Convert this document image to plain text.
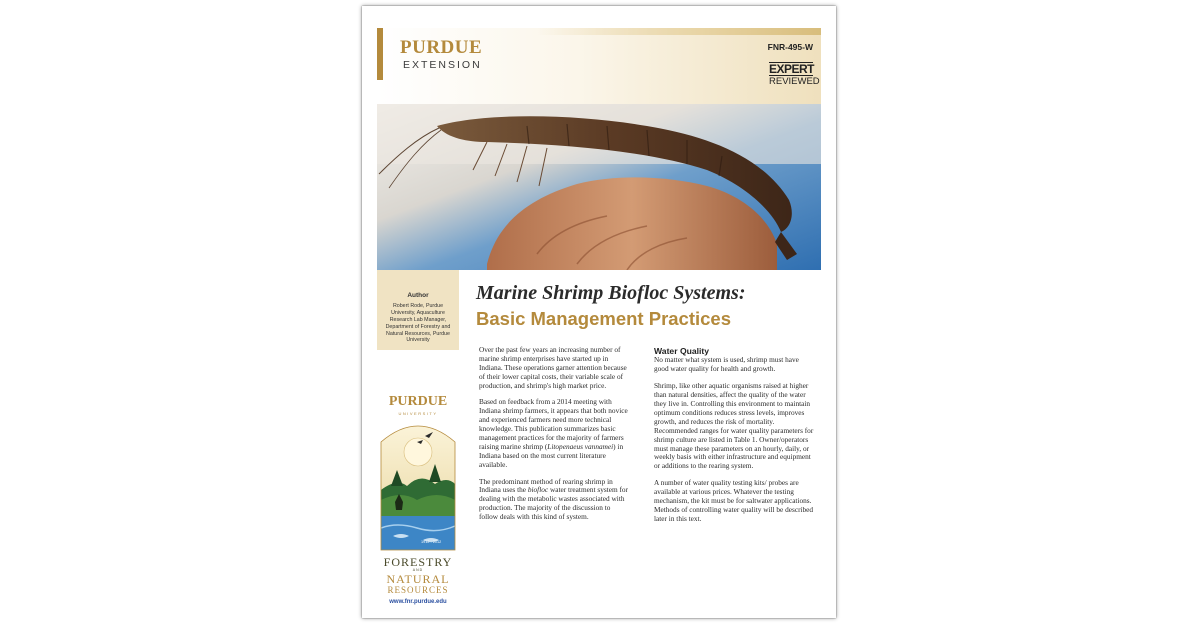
PURDUE
EXTENSION
FNR-495-W
EXPERT
REVIEWED
Author
Robert Rode, Purdue University, Aquaculture Research Lab Manager, Department of Forestry and Natural Resources, Purdue University
Marine Shrimp Biofloc Systems:
Basic Management Practices

Over the past few years an increasing number of marine shrimp enterprises have started up in Indiana. These operations garner attention because of their lower capital costs, their variable scale of production, and shrimp's high market price.

Based on feedback from a 2014 meeting with Indiana shrimp farmers, it appears that both novice and experienced farmers need more technical knowledge. This publication summarizes basic management practices for the majority of farmers raising marine shrimp (Litopenaeus vannamei) in Indiana based on the most current literature available.

The predominant method of rearing shrimp in Indiana uses the biofloc water treatment system for dealing with the metabolic wastes associated with production. The majority of the discussion to follow deals with this kind of system.

Water Quality

No matter what system is used, shrimp must have good water quality for health and growth.

Shrimp, like other aquatic organisms raised at higher than natural densities, affect the quality of the water they live in. Controlling this environment to maintain optimum conditions reduces stress levels, improves growth, and reduces the risk of mortality. Recommended ranges for water quality parameters for shrimp culture are listed in Table 1. Owner/operators must manage these parameters on an hourly, daily, or weekly basis with either infrastructure and equipment or additions to the rearing system.

A number of water quality testing kits/ probes are available at various prices. Whatever the testing mechanism, the kit must be for saltwater applications. Methods of controlling water quality will be described later in this text.

PURDUE
UNIVERSITY
1912 - 2012
FORESTRY
AND
NATURAL
RESOURCES
www.fnr.purdue.edu
